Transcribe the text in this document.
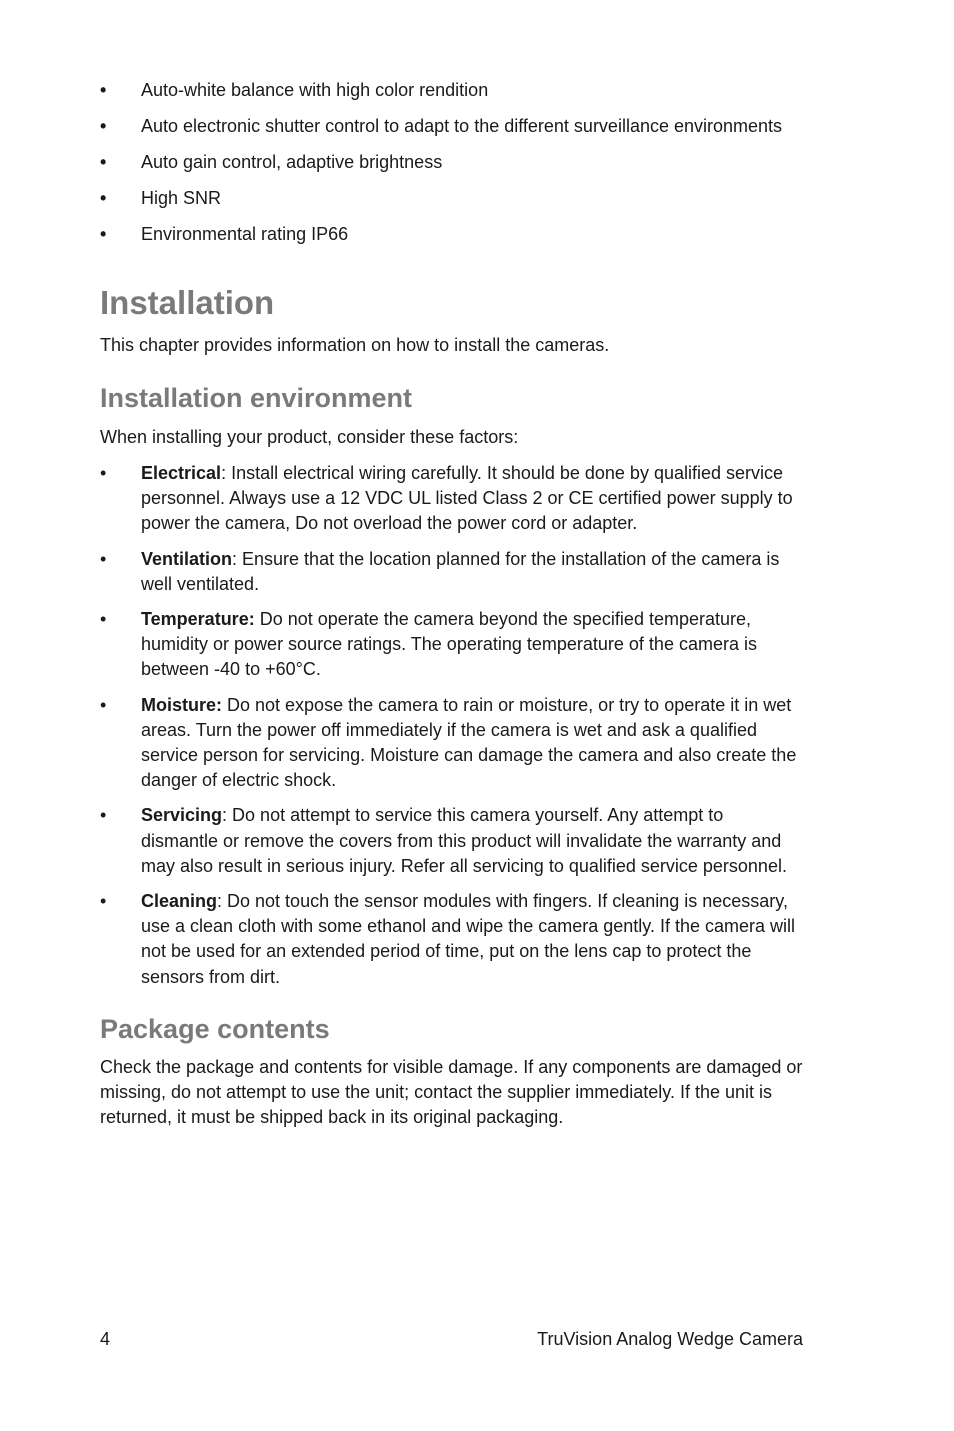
• Auto-white balance with high color rendition
• Auto electronic shutter control to adapt to the different surveillance environments
• Auto gain control, adaptive brightness
• High SNR
• Environmental rating IP66
Installation

This chapter provides information on how to install the cameras.

Installation environment

When installing your product, consider these factors:

• Electrical: Install electrical wiring carefully. It should be done by qualified service personnel. Always use a 12 VDC UL listed Class 2 or CE certified power supply to power the camera, Do not overload the power cord or adapter.
• Ventilation: Ensure that the location planned for the installation of the camera is well ventilated.
• Temperature: Do not operate the camera beyond the specified temperature, humidity or power source ratings. The operating temperature of the camera is between -40 to +60°C.
• Moisture: Do not expose the camera to rain or moisture, or try to operate it in wet areas. Turn the power off immediately if the camera is wet and ask a qualified service person for servicing. Moisture can damage the camera and also create the danger of electric shock.
• Servicing: Do not attempt to service this camera yourself. Any attempt to dismantle or remove the covers from this product will invalidate the warranty and may also result in serious injury. Refer all servicing to qualified service personnel.
• Cleaning: Do not touch the sensor modules with fingers. If cleaning is necessary, use a clean cloth with some ethanol and wipe the camera gently. If the camera will not be used for an extended period of time, put on the lens cap to protect the sensors from dirt.
Package contents

Check the package and contents for visible damage. If any components are damaged or missing, do not attempt to use the unit; contact the supplier immediately. If the unit is returned, it must be shipped back in its original packaging.

4	TruVision Analog Wedge Camera
